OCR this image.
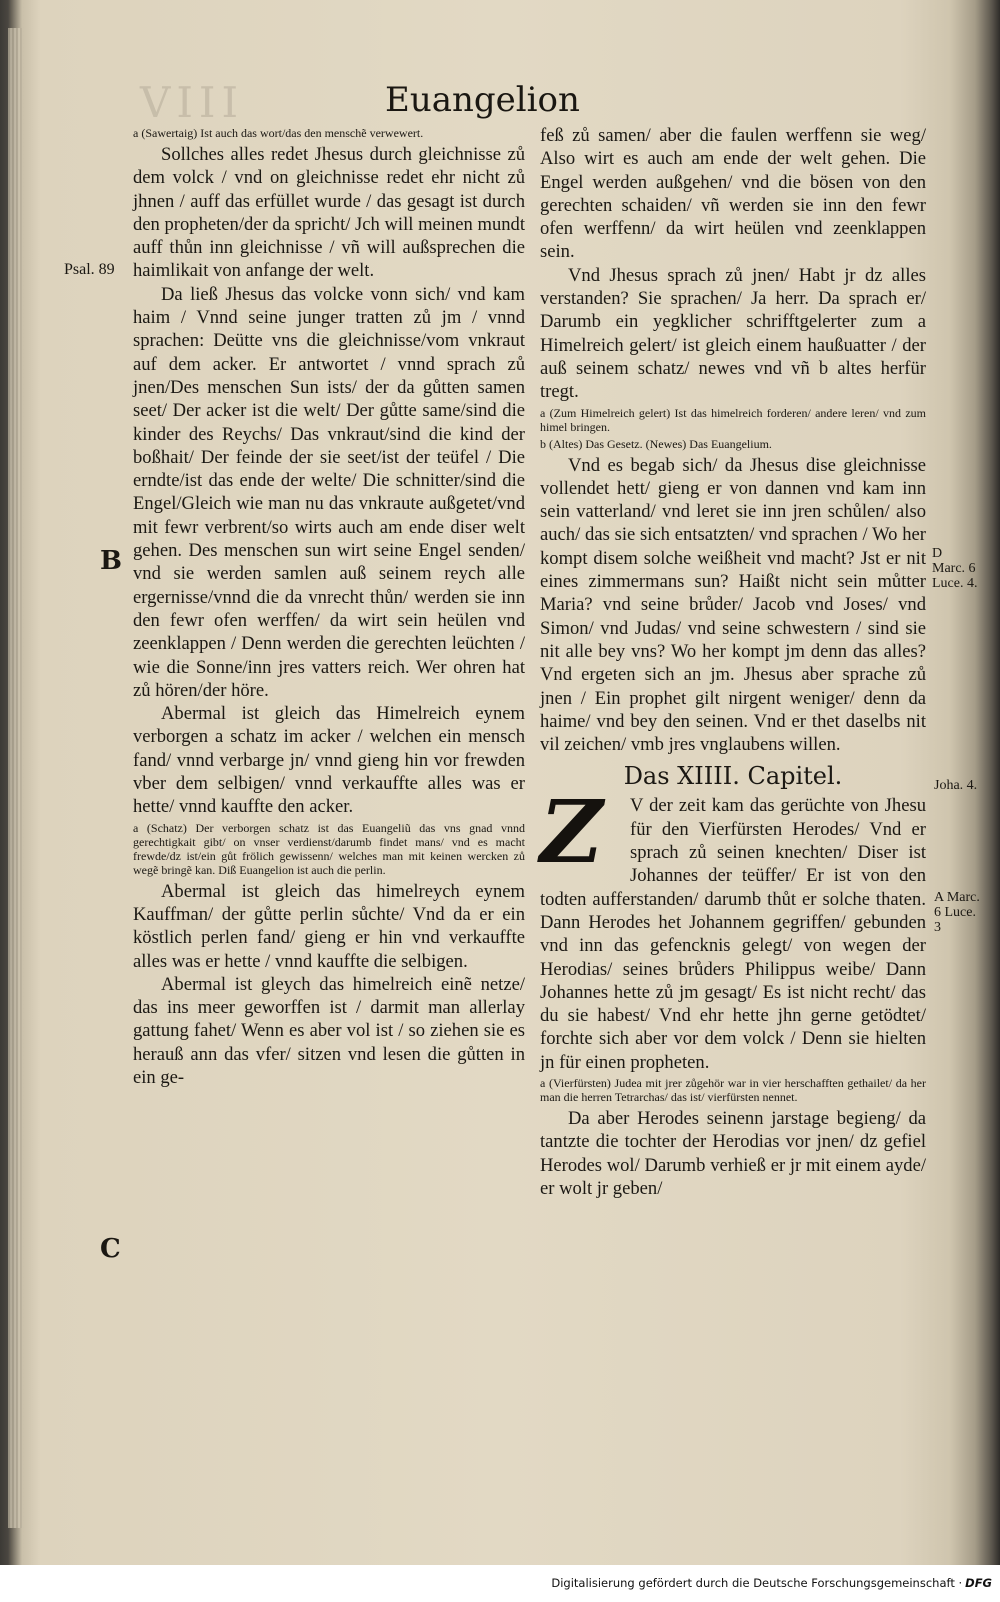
VIII	Euangelion
Psal. 89
B
C
D Marc. 6 Luce. 4.
Joha. 4.
A Marc. 6 Luce. 3

a (Sawertaig) Ist auch das wort/das den menschẽ verwewert.

Sollches alles redet Jhesus durch gleichnisse zů dem volck / vnd on gleichnisse redet ehr nicht zů jhnen / auff das erfüllet wurde / das gesagt ist durch den propheten/der da spricht/ Jch will meinen mundt auff thůn inn gleichnisse / vñ will außsprechen die haimlikait von anfange der welt.

Da ließ Jhesus das volcke vonn sich/ vnd kam haim / Vnnd seine junger tratten zů jm / vnnd sprachen: Deütte vns die gleichnisse/vom vnkraut auf dem acker. Er antwortet / vnnd sprach zů jnen/Des menschen Sun ists/ der da gůtten samen seet/ Der acker ist die welt/ Der gůtte same/sind die kinder des Reychs/ Das vnkraut/sind die kind der boßhait/ Der feinde der sie seet/ist der teüfel / Die erndte/ist das ende der welte/ Die schnitter/sind die Engel/Gleich wie man nu das vnkraute außgetet/vnd mit fewr verbrent/so wirts auch am ende diser welt gehen. Des menschen sun wirt seine Engel senden/ vnd sie werden samlen auß seinem reych alle ergernisse/vnnd die da vnrecht thůn/ werden sie inn den fewr ofen werffen/ da wirt sein heülen vnd zeenklappen / Denn werden die gerechten leüchten / wie die Sonne/inn jres vatters reich. Wer ohren hat zů hören/der höre.

Abermal ist gleich das Himelreich eynem verborgen a schatz im acker / welchen ein mensch fand/ vnnd verbarge jn/ vnnd gieng hin vor frewden vber dem selbigen/ vnnd verkauffte alles was er hette/ vnnd kauffte den acker.

a (Schatz) Der verborgen schatz ist das Euangeliũ das vns gnad vnnd gerechtigkait gibt/ on vnser verdienst/darumb findet mans/ vnd es macht frewde/dz ist/ein gůt frölich gewissenn/ welches man mit keinen wercken zů wegẽ bringẽ kan. Diß Euangelion ist auch die perlin.

Abermal ist gleich das himelreych eynem Kauffman/ der gůtte perlin sůchte/ Vnd da er ein köstlich perlen fand/ gieng er hin vnd verkauffte alles was er hette / vnnd kauffte die selbigen.

Abermal ist gleych das himelreich einẽ netze/ das ins meer geworffen ist / darmit man allerlay gattung fahet/ Wenn es aber vol ist / so ziehen sie es herauß ann das vfer/ sitzen vnd lesen die gůtten in ein ge-

feß zů samen/ aber die faulen werffenn sie weg/ Also wirt es auch am ende der welt gehen. Die Engel werden außgehen/ vnd die bösen von den gerechten schaiden/ vñ werden sie inn den fewr ofen werffenn/ da wirt heülen vnd zeenklappen sein.

Vnd Jhesus sprach zů jnen/ Habt jr dz alles verstanden? Sie sprachen/ Ja herr. Da sprach er/ Darumb ein yegklicher schrifftgelerter zum a Himelreich gelert/ ist gleich einem haußuatter / der auß seinem schatz/ newes vnd vñ b altes herfür tregt.

a (Zum Himelreich gelert) Ist das himelreich forderen/ andere leren/ vnd zum himel bringen.

b (Altes) Das Gesetz. (Newes) Das Euangelium.

Vnd es begab sich/ da Jhesus dise gleichnisse vollendet hett/ gieng er von dannen vnd kam inn sein vatterland/ vnd leret sie inn jren schůlen/ also auch/ das sie sich entsatzten/ vnd sprachen / Wo her kompt disem solche weißheit vnd macht? Jst er nit eines zimmermans sun? Haißt nicht sein můtter Maria? vnd seine brůder/ Jacob vnd Joses/ vnd Simon/ vnd Judas/ vnd seine schwestern / sind sie nit alle bey vns? Wo her kompt jm denn das alles? Vnd ergeten sich an jm. Jhesus aber sprache zů jnen / Ein prophet gilt nirgent weniger/ denn da haime/ vnd bey den seinen. Vnd er thet daselbs nit vil zeichen/ vmb jres vnglaubens willen.

Das XIIII. Capitel.
Z	V der zeit kam das gerüchte von Jhesu für den Vierfürsten Herodes/ Vnd er sprach zů seinen knechten/ Diser ist Johannes der teüffer/ Er ist von den todten aufferstanden/ darumb thůt er solche thaten. Dann Herodes het Johannem gegriffen/ gebunden vnd inn das gefencknis gelegt/ von wegen der Herodias/ seines brůders Philippus weibe/ Dann Johannes hette zů jm gesagt/ Es ist nicht recht/ das du sie habest/ Vnd ehr hette jhn gerne getödtet/ forchte sich aber vor dem volck / Denn sie hielten jn für einen propheten.

a (Vierfürsten) Judea mit jrer zůgehör war in vier herschafften gethailet/ da her man die herren Tetrarchas/ das ist/ vierfürsten nennet.

Da aber Herodes seinenn jarstage begieng/ da tantzte die tochter der Herodias vor jnen/ dz gefiel Herodes wol/ Darumb verhieß er jr mit einem ayde/ er wolt jr geben/

Digitalisierung gefördert durch die Deutsche Forschungsgemeinschaft · DFG
